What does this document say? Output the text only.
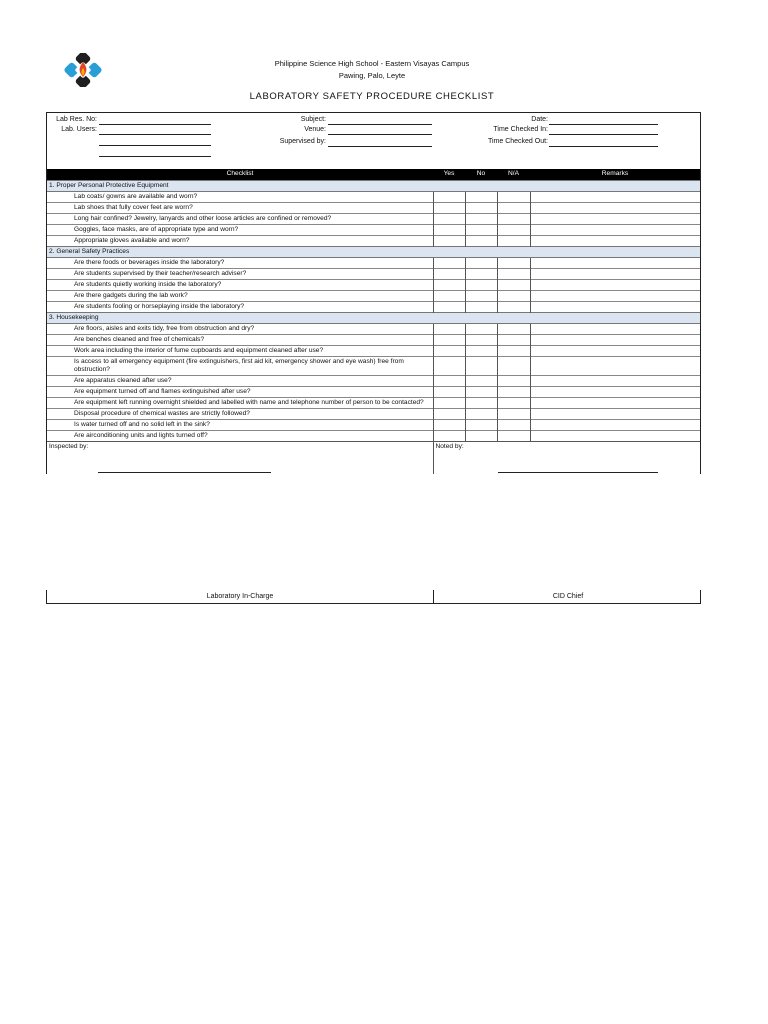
Philippine Science High School - Eastern Visayas Campus
Pawing, Palo, Leyte
LABORATORY SAFETY PROCEDURE CHECKLIST
Lab Res. No:
Lab. Users:
Subject:
Venue:
Supervised by:
Date:
Time Checked In:
Time Checked Out:
Checklist	Yes	No	N/A	Remarks
1. Proper Personal Protective Equipment				
Lab coats/ gowns are available and worn?				
Lab shoes that fully cover feet are worn?				
Long hair confined? Jewelry, lanyards and other loose articles are confined or removed?				
Goggles, face masks, are of appropriate type and worn?				
Appropriate gloves available and worn?				
2. General Safety Practices				
Are there foods or beverages inside the laboratory?				
Are students supervised by their teacher/research adviser?				
Are students quietly working inside the laboratory?				
Are there gadgets during the lab work?				
Are students fooling or horseplaying inside the laboratory?				
3. Housekeeping				
Are floors, aisles and exits tidy, free from obstruction and dry?				
Are benches cleaned and free of chemicals?				
Work area including the interior of fume cupboards and equipment cleaned after use?				
Is access to all emergency equipment (fire extinguishers, first aid kit, emergency shower and eye wash) free from obstruction?				
Are apparatus cleaned after use?				
Are equipment turned off and flames extinguished after use?				
Are equipment left running overnight shielded and labelled with name and telephone number of person to be contacted?				
Disposal procedure of chemical wastes are strictly followed?				
Is water turned off and no solid left in the sink?				
Are airconditioning units and lights turned off?				
Inspected by:	Noted by:			
Laboratory In-Charge	CID Chief
